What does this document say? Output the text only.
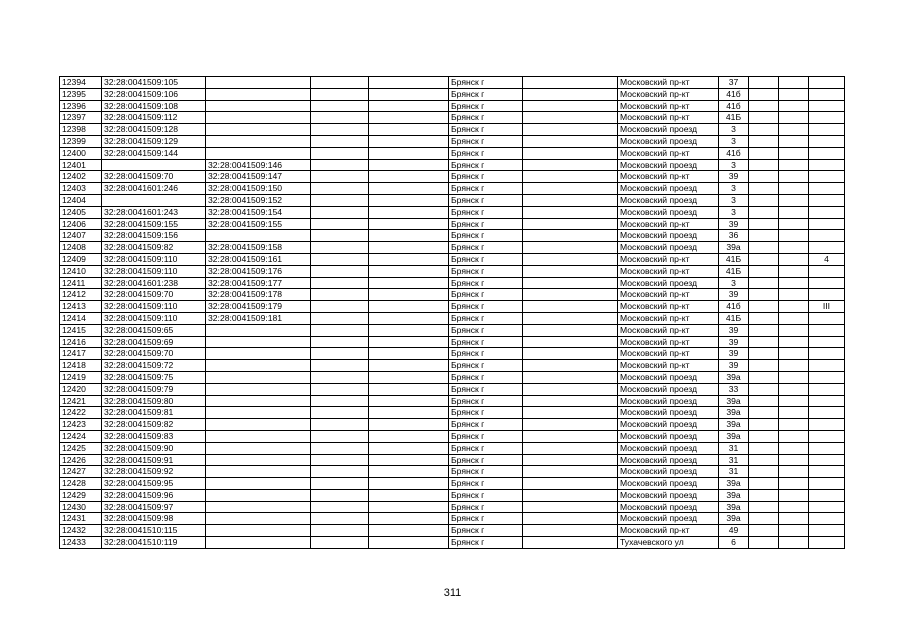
12394	32:28:0041509:105				Брянск г		Московский пр-кт	37			
12395	32:28:0041509:106				Брянск г		Московский пр-кт	41б			
12396	32:28:0041509:108				Брянск г		Московский пр-кт	41б			
12397	32:28:0041509:112				Брянск г		Московский пр-кт	41Б			
12398	32:28:0041509:128				Брянск г		Московский проезд	3			
12399	32:28:0041509:129				Брянск г		Московский проезд	3			
12400	32:28:0041509:144				Брянск г		Московский пр-кт	41б			
12401		32:28:0041509:146			Брянск г		Московский проезд	3			
12402	32:28:0041509:70	32:28:0041509:147			Брянск г		Московский пр-кт	39			
12403	32:28:0041601:246	32:28:0041509:150			Брянск г		Московский проезд	3			
12404		32:28:0041509:152			Брянск г		Московский проезд	3			
12405	32:28:0041601:243	32:28:0041509:154			Брянск г		Московский проезд	3			
12406	32:28:0041509:155	32:28:0041509:155			Брянск г		Московский пр-кт	39			
12407	32:28:0041509:156				Брянск г		Московский проезд	36			
12408	32:28:0041509:82	32:28:0041509:158			Брянск г		Московский проезд	39а			
12409	32:28:0041509:110	32:28:0041509:161			Брянск г		Московский пр-кт	41Б			4
12410	32:28:0041509:110	32:28:0041509:176			Брянск г		Московский пр-кт	41Б			
12411	32:28:0041601:238	32:28:0041509:177			Брянск г		Московский проезд	3			
12412	32:28:0041509:70	32:28:0041509:178			Брянск г		Московский пр-кт	39			
12413	32:28:0041509:110	32:28:0041509:179			Брянск г		Московский пр-кт	41б			III
12414	32:28:0041509:110	32:28:0041509:181			Брянск г		Московский пр-кт	41Б			
12415	32:28:0041509:65				Брянск г		Московский пр-кт	39			
12416	32:28:0041509:69				Брянск г		Московский пр-кт	39			
12417	32:28:0041509:70				Брянск г		Московский пр-кт	39			
12418	32:28:0041509:72				Брянск г		Московский пр-кт	39			
12419	32:28:0041509:75				Брянск г		Московский проезд	39а			
12420	32:28:0041509:79				Брянск г		Московский проезд	33			
12421	32:28:0041509:80				Брянск г		Московский проезд	39а			
12422	32:28:0041509:81				Брянск г		Московский проезд	39а			
12423	32:28:0041509:82				Брянск г		Московский проезд	39а			
12424	32:28:0041509:83				Брянск г		Московский проезд	39а			
12425	32:28:0041509:90				Брянск г		Московский проезд	31			
12426	32:28:0041509:91				Брянск г		Московский проезд	31			
12427	32:28:0041509:92				Брянск г		Московский проезд	31			
12428	32:28:0041509:95				Брянск г		Московский проезд	39а			
12429	32:28:0041509:96				Брянск г		Московский проезд	39а			
12430	32:28:0041509:97				Брянск г		Московский проезд	39а			
12431	32:28:0041509:98				Брянск г		Московский проезд	39а			
12432	32:28:0041510:115				Брянск г		Московский пр-кт	49			
12433	32:28:0041510:119				Брянск г		Тухачевского ул	6			
311
